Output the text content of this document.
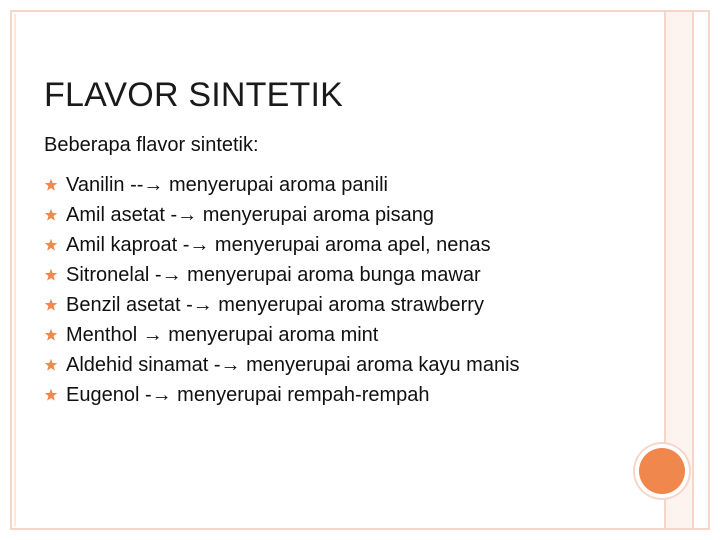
FLAVOR SINTETIK
Beberapa flavor sintetik:
Vanilin --→ menyerupai aroma panili
Amil asetat -→ menyerupai aroma pisang
Amil kaproat -→ menyerupai aroma apel, nenas
Sitronelal -→ menyerupai aroma bunga mawar
Benzil asetat -→ menyerupai aroma strawberry
Menthol → menyerupai aroma mint
Aldehid sinamat -→ menyerupai aroma kayu manis
Eugenol -→ menyerupai rempah-rempah
